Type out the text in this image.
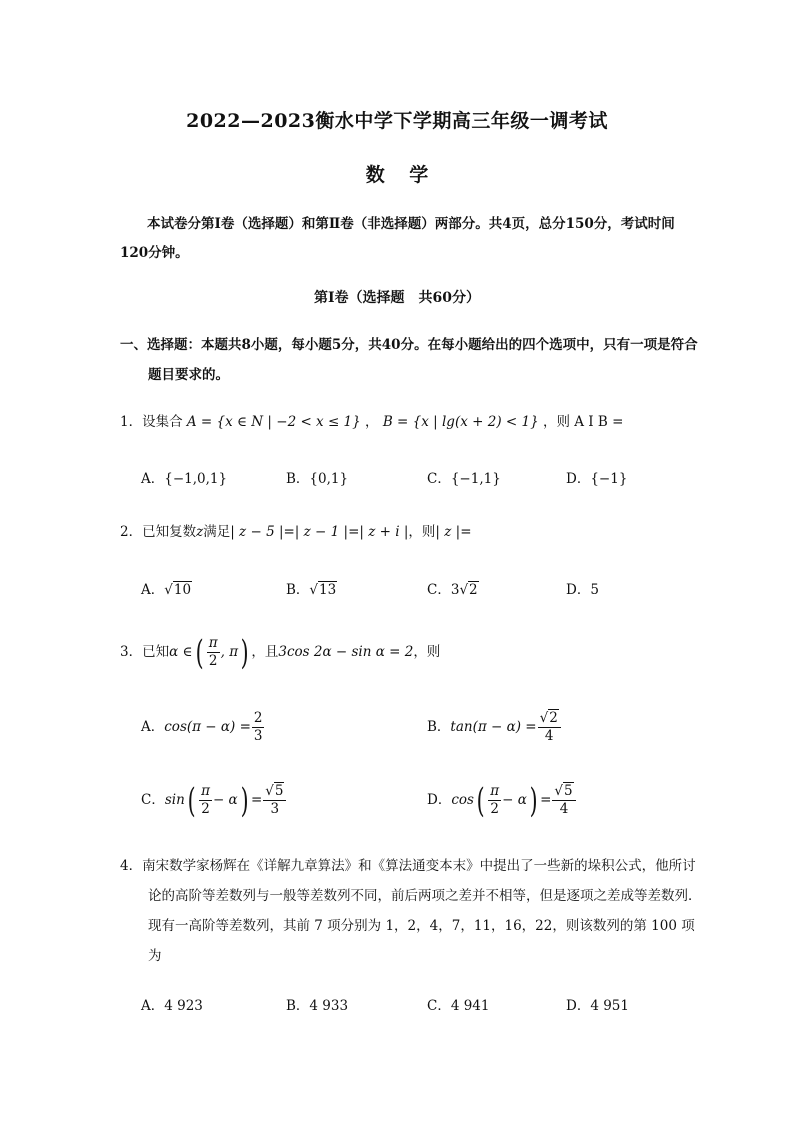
2022—2023衡水中学下学期高三年级一调考试
数 学
本试卷分第Ⅰ卷（选择题）和第Ⅱ卷（非选择题）两部分。共4页，总分150分，考试时间120分钟。
第Ⅰ卷（选择题　共60分）
一、选择题：本题共8小题，每小题5分，共40分。在每小题给出的四个选项中，只有一项是符合题目要求的。
1．设集合 A = {x ∈ N | −2 < x ≤ 1} ， B = {x | lg(x + 2) < 1} ，则 A I B =
A．{−1,0,1}	B．{0,1}	C．{−1,1}	D．{−1}
2．已知复数z满足| z − 5 |=| z − 1 |=| z + i |，则| z |=
A．√10	B．√13	C．3√2	D．5
3．已知α ∈( $\frac{\pi}{2}$ , π) ，且3cos 2α − sin α = 2，则
A．$\cos(\pi - \alpha) = \frac{2}{3}$	B．$\tan(\pi - \alpha) = \frac{√2}{4}$
C．$\sin( \frac{\pi}{2} - \alpha) = \frac{√5}{3}$	D．$\cos( \frac{\pi}{2} - \alpha) = \frac{√5}{4}$
4．南宋数学家杨辉在《详解九章算法》和《算法通变本末》中提出了一些新的垛积公式，他所讨论的高阶等差数列与一般等差数列不同，前后两项之差并不相等，但是逐项之差成等差数列．现有一高阶等差数列，其前 7 项分别为 1，2，4，7，11，16，22，则该数列的第 100 项为
A．4 923	B．4 933	C．4 941	D．4 951
